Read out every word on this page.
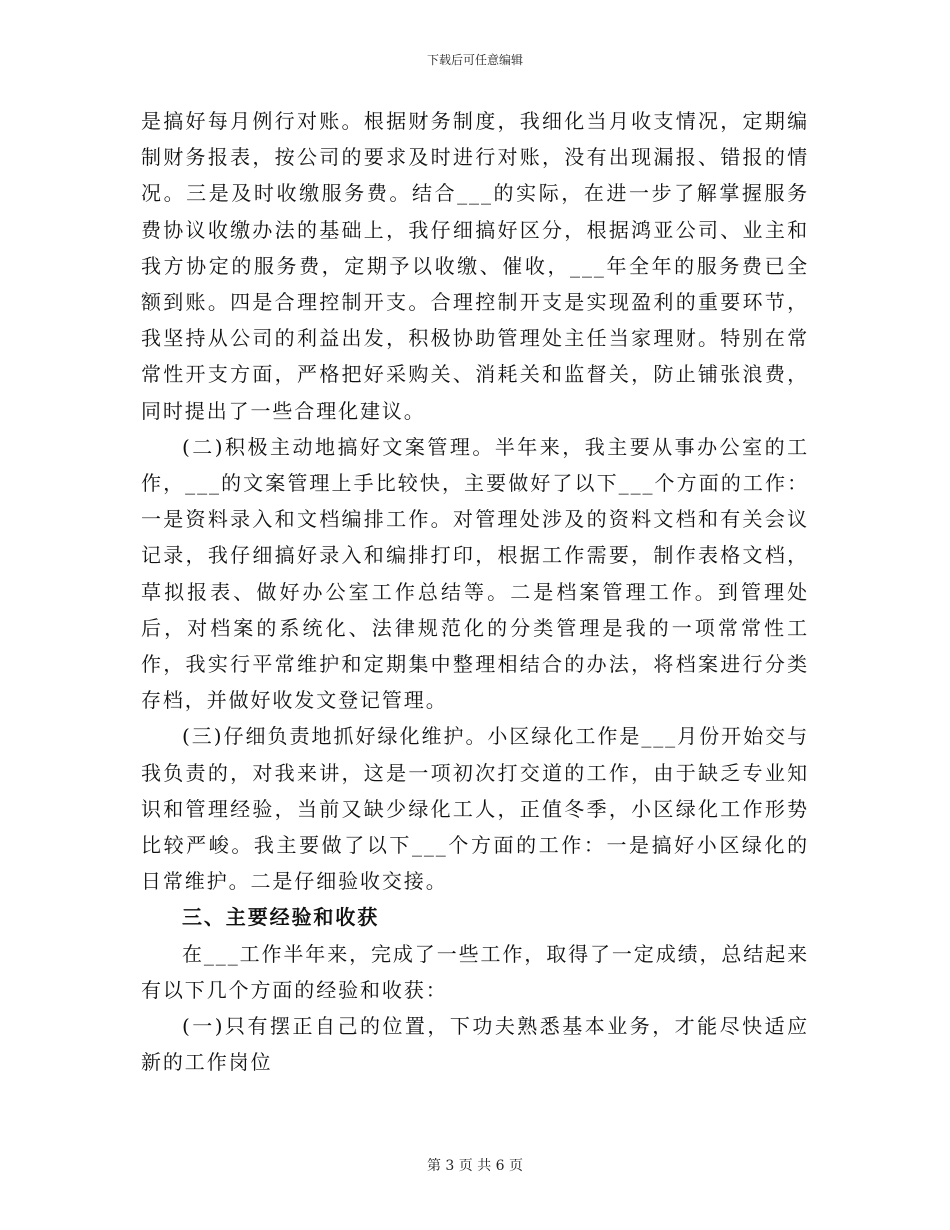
下载后可任意编辑

是搞好每月例行对账。根据财务制度，我细化当月收支情况，定期编制财务报表，按公司的要求及时进行对账，没有出现漏报、错报的情况。三是及时收缴服务费。结合___的实际，在进一步了解掌握服务费协议收缴办法的基础上，我仔细搞好区分，根据鸿亚公司、业主和我方协定的服务费，定期予以收缴、催收，___年全年的服务费已全额到账。四是合理控制开支。合理控制开支是实现盈利的重要环节，我坚持从公司的利益出发，积极协助管理处主任当家理财。特别在常常性开支方面，严格把好采购关、消耗关和监督关，防止铺张浪费，同时提出了一些合理化建议。

(二)积极主动地搞好文案管理。半年来，我主要从事办公室的工作，___的文案管理上手比较快，主要做好了以下___个方面的工作：一是资料录入和文档编排工作。对管理处涉及的资料文档和有关会议记录，我仔细搞好录入和编排打印，根据工作需要，制作表格文档，草拟报表、做好办公室工作总结等。二是档案管理工作。到管理处后，对档案的系统化、法律规范化的分类管理是我的一项常常性工作，我实行平常维护和定期集中整理相结合的办法，将档案进行分类存档，并做好收发文登记管理。

(三)仔细负责地抓好绿化维护。小区绿化工作是___月份开始交与我负责的，对我来讲，这是一项初次打交道的工作，由于缺乏专业知识和管理经验，当前又缺少绿化工人，正值冬季，小区绿化工作形势比较严峻。我主要做了以下___个方面的工作：一是搞好小区绿化的日常维护。二是仔细验收交接。

三、主要经验和收获

在___工作半年来，完成了一些工作，取得了一定成绩，总结起来有以下几个方面的经验和收获：

(一)只有摆正自己的位置，下功夫熟悉基本业务，才能尽快适应新的工作岗位

第 3 页 共 6 页
